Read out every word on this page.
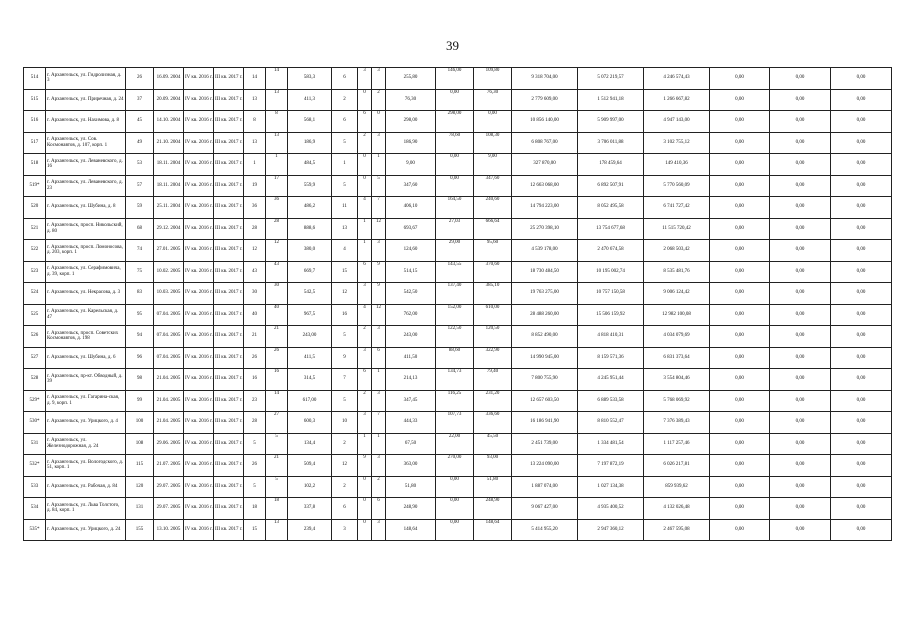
39
514	г. Архангельск, ул. Гидролизная, д. 3	26	16.09. 2004	IV кв. 2016 г.	III кв. 2017 г.	14	14	583,3	6	3	3	255,80	146,00	109,80	9 318 704,00	5 072 219,57	4 246 574,43	0,00	0,00	0,00
515	г. Архангельск, ул. Приречная, д. 24	37	20.09. 2004	IV кв. 2016 г.	III кв. 2017 г.	13	13	411,3	2	0	2	76,30	0,00	76,30	2 779 609,00	1 512 941,18	1 266 667,82	0,00	0,00	0,00
516	г. Архангельск, ул. Нахимова, д. 8	45	14.10. 2004	IV кв. 2016 г.	III кв. 2017 г.	8	8	568,1	6	6	0	298,00	298,00	0,00	10 856 140,00	5 909 997,00	4 947 143,00	0,00	0,00	0,00
517	г. Архангельск, ул. Сов. Космонавтов, д. 107, корп. 1	49	21.10. 2004	IV кв. 2016 г.	III кв. 2017 г.	13	13	186,9	5	2	3	186,90	78,60	108,30	6 808 767,00	3 706 011,88	3 102 755,12	0,00	0,00	0,00
518	г. Архангельск, ул. Леваневского, д. 16	53	18.11. 2004	IV кв. 2016 г.	III кв. 2017 г.	1	1	484,5	1	0	1	9,00	0,00	9,00	327 870,00	178 459,64	149 410,36	0,00	0,00	0,00
519*	г. Архангельск, ул. Леваневского, д. 23	57	18.11. 2004	IV кв. 2016 г.	III кв. 2017 г.	19	17	559,9	5	0	5	347,60	0,00	347,60	12 663 068,00	6 892 507,91	5 770 560,09	0,00	0,00	0,00
520	г. Архангельск, ул. Шубина, д. 8	59	25.11. 2004	IV кв. 2016 г.	III кв. 2017 г.	36	36	486,2	11	4	7	406,10	164,50	240,60	14 794 223,00	8 052 495,58	6 741 727,42	0,00	0,00	0,00
521	г. Архангельск, просп. Никольский, д. 80	68	29.12. 2004	IV кв. 2016 г.	III кв. 2017 г.	28	28	888,6	13	1	12	693,67	27,03	666,64	25 270 398,10	13 754 677,68	11 515 720,42	0,00	0,00	0,00
522	г. Архангельск, просп. Ломоносова, д. 203, корп. 1	74	27.01. 2005	IV кв. 2016 г.	III кв. 2017 г.	12	12	380,0	4	1	3	124,60	29,00	95,60	4 539 178,00	2 470 674,58	2 068 503,42	0,00	0,00	0,00
523	г. Архангельск, ул. Серафимовича, д. 39, корп. 1	75	10.02. 2005	IV кв. 2016 г.	III кв. 2017 г.	43	43	669,7	15	6	9	514,15	143,55	370,60	18 730 484,50	10 195 002,74	8 535 481,76	0,00	0,00	0,00
524	г. Архангельск, ул. Некрасова, д. 3	83	10.03. 2005	IV кв. 2016 г.	III кв. 2017 г.	30	30	542,5	12	3	9	542,50	137,40	385,10	19 763 275,00	10 757 150,58	9 006 124,42	0,00	0,00	0,00
525	г. Архангельск, ул. Карельская, д. 47	95	07.04. 2005	IV кв. 2016 г.	III кв. 2017 г.	40	40	967,5	16	4	12	762,00	152,00	610,00	28 488 260,00	15 506 159,92	12 982 100,08	0,00	0,00	0,00
526	г. Архангельск, просп. Советских Космонавтов, д. 198	94	07.04. 2005	IV кв. 2016 г.	III кв. 2017 г.	21	21	243,00	5	2	3	243,00	122,50	120,50	8 852 490,00	4 818 410,31	4 034 079,69	0,00	0,00	0,00
527	г. Архангельск, ул. Шубина, д. 6	96	07.04. 2005	IV кв. 2016 г.	III кв. 2017 г.	26	26	411,5	9	3	6	411,50	88,60	322,90	14 990 945,00	8 159 571,36	6 831 373,64	0,00	0,00	0,00
528	г. Архангельск, пр-кт. Обводный, д. 39	98	21.04. 2005	IV кв. 2016 г.	III кв. 2017 г.	16	16	314,5	7	6	1	214,13	134,73	79,40	7 800 755,90	4 245 951,44	3 554 804,46	0,00	0,00	0,00
529*	г. Архангельск, ул. Гагарина-ская, д. 9, корп. 1	99	21.04. 2005	IV кв. 2016 г.	III кв. 2017 г.	23	14	617,00	5	2	3	347,45	116,25	231,20	12 657 603,50	6 889 533,58	5 768 069,92	0,00	0,00	0,00
530*	г. Архангельск, ул. Урицкого, д. 4	100	21.04. 2005	IV кв. 2016 г.	III кв. 2017 г.	28	27	600,3	10	3	7	444,33	107,73	336,60	16 186 941,90	8 810 552,47	7 376 389,43	0,00	0,00	0,00
531	г. Архангельск, ул. Железнодорожная, д. 24	108	29.06. 2005	IV кв. 2016 г.	III кв. 2017 г.	5	5	134,4	2	1	1	67,50	22,00	45,50	2 451 739,00	1 334 481,54	1 117 257,46	0,00	0,00	0,00
532*	г. Архангельск, ул. Вологодского, д. 51, корп. 1	115	21.07. 2005	IV кв. 2016 г.	III кв. 2017 г.	26	21	509,4	12	9	3	363,00	270,00	93,00	13 224 090,00	7 197 872,19	6 026 217,81	0,00	0,00	0,00
533	г. Архангельск, ул. Рабочая, д. 84	120	29.07. 2005	IV кв. 2016 г.	III кв. 2017 г.	5	5	102,2	2	0	2	51,80	0,00	51,80	1 887 074,00	1 027 134,38	859 939,62	0,00	0,00	0,00
534	г. Архангельск, ул. Льва Толстого, д. 84, корп. 1	131	29.07. 2005	IV кв. 2016 г.	III кв. 2017 г.	18	18	337,8	6	0	6	248,90	0,00	248,90	9 067 427,00	4 935 400,52	4 132 026,48	0,00	0,00	0,00
535*	г. Архангельск, ул. Урицкого, д. 24	155	13.10. 2005	IV кв. 2016 г.	III кв. 2017 г.	15	13	239,4	3	0	3	148,64	0,00	148,64	5 414 955,20	2 947 360,12	2 467 595,08	0,00	0,00	0,00
